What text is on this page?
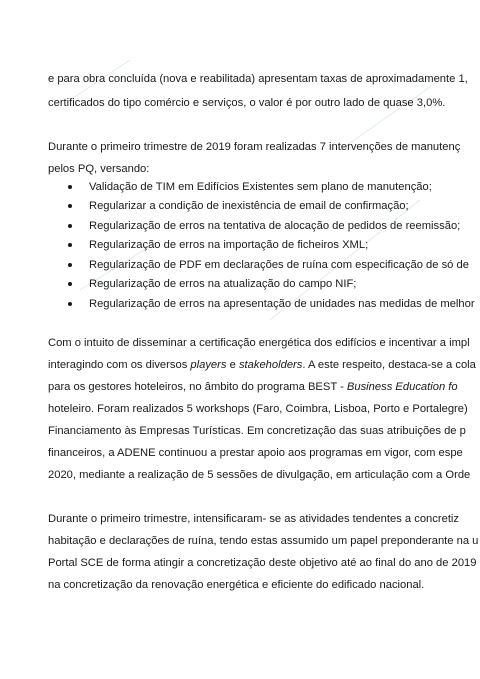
e para obra concluída (nova e reabilitada) apresentam taxas de aproximadamente 1,
certificados do tipo comércio e serviços, o valor é por outro lado de quase 3,0%.
Durante o primeiro trimestre de 2019 foram realizadas 7 intervenções de manutenç
pelos PQ, versando:
Validação de TIM em Edifícios Existentes sem plano de manutenção;
Regularizar a condição de inexistência de email de confirmação;
Regularização de erros na tentativa de alocação de pedidos de reemissão;
Regularização de erros na importação de ficheiros XML;
Regularização de PDF em declarações de ruína com especificação de só de
Regularização de erros na atualização do campo NIF;
Regularização de erros na apresentação de unidades nas medidas de melhor
Com o intuito de disseminar a certificação energética dos edifícios e incentivar a impl
interagindo com os diversos players e stakeholders. A este respeito, destaca-se a cola
para os gestores hoteleiros, no âmbito do programa BEST - Business Education fo
hoteleiro. Foram realizados 5 workshops (Faro, Coimbra, Lisboa, Porto e Portalegre)
Financiamento às Empresas Turísticas. Em concretização das suas atribuições de p
financeiros, a ADENE continuou a prestar apoio aos programas em vigor, com espe
2020, mediante a realização de 5 sessões de divulgação, em articulação com a Orde
Durante o primeiro trimestre, intensificaram- se as atividades tendentes a concretiz
habitação e declarações de ruína, tendo estas assumido um papel preponderante na u
Portal SCE de forma atingir a concretização deste objetivo até ao final do ano de 2019
na concretização da renovação energética e eficiente do edificado nacional.
